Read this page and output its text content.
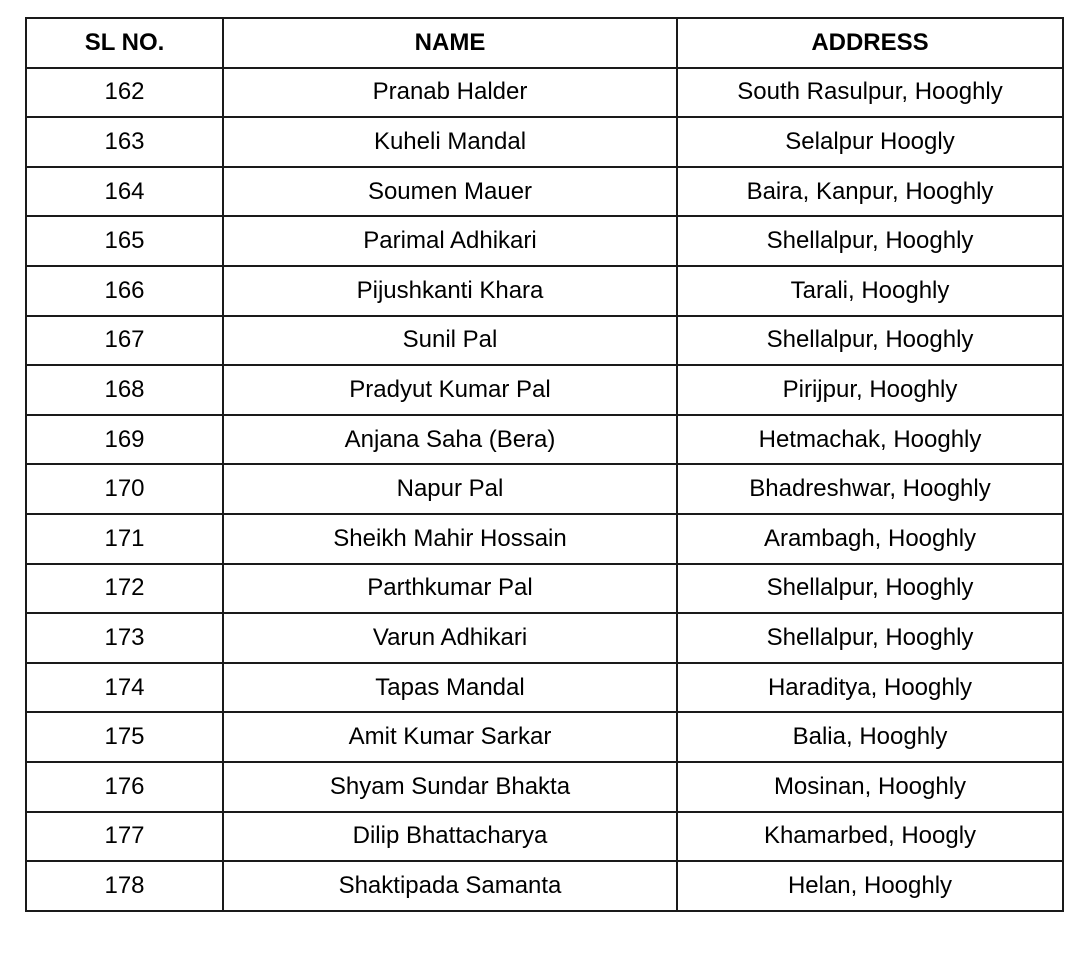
SL NO.	NAME	ADDRESS
162	Pranab Halder	South Rasulpur, Hooghly
163	Kuheli Mandal	Selalpur Hoogly
164	Soumen Mauer	Baira, Kanpur, Hooghly
165	Parimal Adhikari	Shellalpur, Hooghly
166	Pijushkanti Khara	Tarali, Hooghly
167	Sunil Pal	Shellalpur, Hooghly
168	Pradyut Kumar Pal	Pirijpur, Hooghly
169	Anjana Saha (Bera)	Hetmachak, Hooghly
170	Napur Pal	Bhadreshwar, Hooghly
171	Sheikh Mahir Hossain	Arambagh, Hooghly
172	Parthkumar Pal	Shellalpur, Hooghly
173	Varun Adhikari	Shellalpur, Hooghly
174	Tapas Mandal	Haraditya, Hooghly
175	Amit Kumar Sarkar	Balia, Hooghly
176	Shyam Sundar Bhakta	Mosinan, Hooghly
177	Dilip Bhattacharya	Khamarbed, Hoogly
178	Shaktipada Samanta	Helan, Hooghly
